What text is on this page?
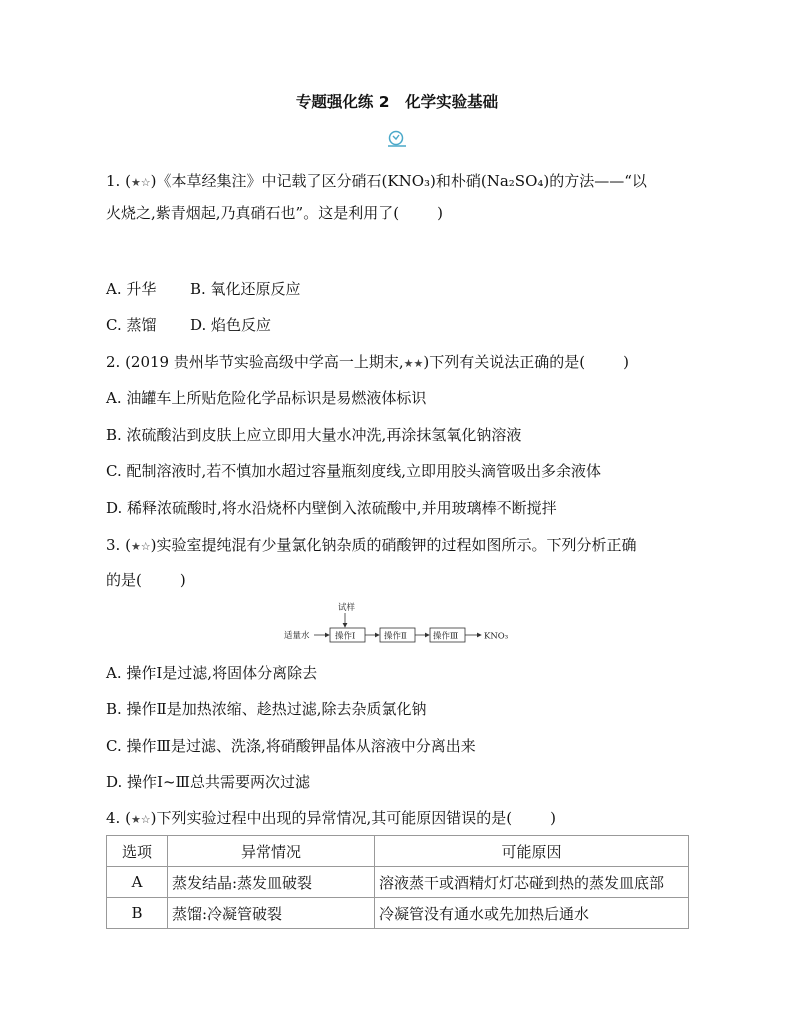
专题强化练 2　化学实验基础
1. (★☆)《本草经集注》中记载了区分硝石(KNO₃)和朴硝(Na₂SO₄)的方法——“以
火烧之,紫青烟起,乃真硝石也”。这是利用了(	)
A. 升华 B. 氧化还原反应
C. 蒸馏 D. 焰色反应
2. (2019 贵州毕节实验高级中学高一上期末,★★)下列有关说法正确的是(	)
A. 油罐车上所贴危险化学品标识是易燃液体标识
B. 浓硫酸沾到皮肤上应立即用大量水冲洗,再涂抹氢氧化钠溶液
C. 配制溶液时,若不慎加水超过容量瓶刻度线,立即用胶头滴管吸出多余液体
D. 稀释浓硫酸时,将水沿烧杯内壁倒入浓硫酸中,并用玻璃棒不断搅拌
3. (★☆)实验室提纯混有少量氯化钠杂质的硝酸钾的过程如图所示。下列分析正确
的是(	)
试样
适量水	操作Ⅰ	操作Ⅱ	操作Ⅲ	KNO₃
A. 操作Ⅰ是过滤,将固体分离除去
B. 操作Ⅱ是加热浓缩、趁热过滤,除去杂质氯化钠
C. 操作Ⅲ是过滤、洗涤,将硝酸钾晶体从溶液中分离出来
D. 操作Ⅰ~Ⅲ总共需要两次过滤
4. (★☆)下列实验过程中出现的异常情况,其可能原因错误的是(	)
选项	异常情况	可能原因
A	蒸发结晶:蒸发皿破裂	溶液蒸干或酒精灯灯芯碰到热的蒸发皿底部
B	蒸馏:冷凝管破裂	冷凝管没有通水或先加热后通水
